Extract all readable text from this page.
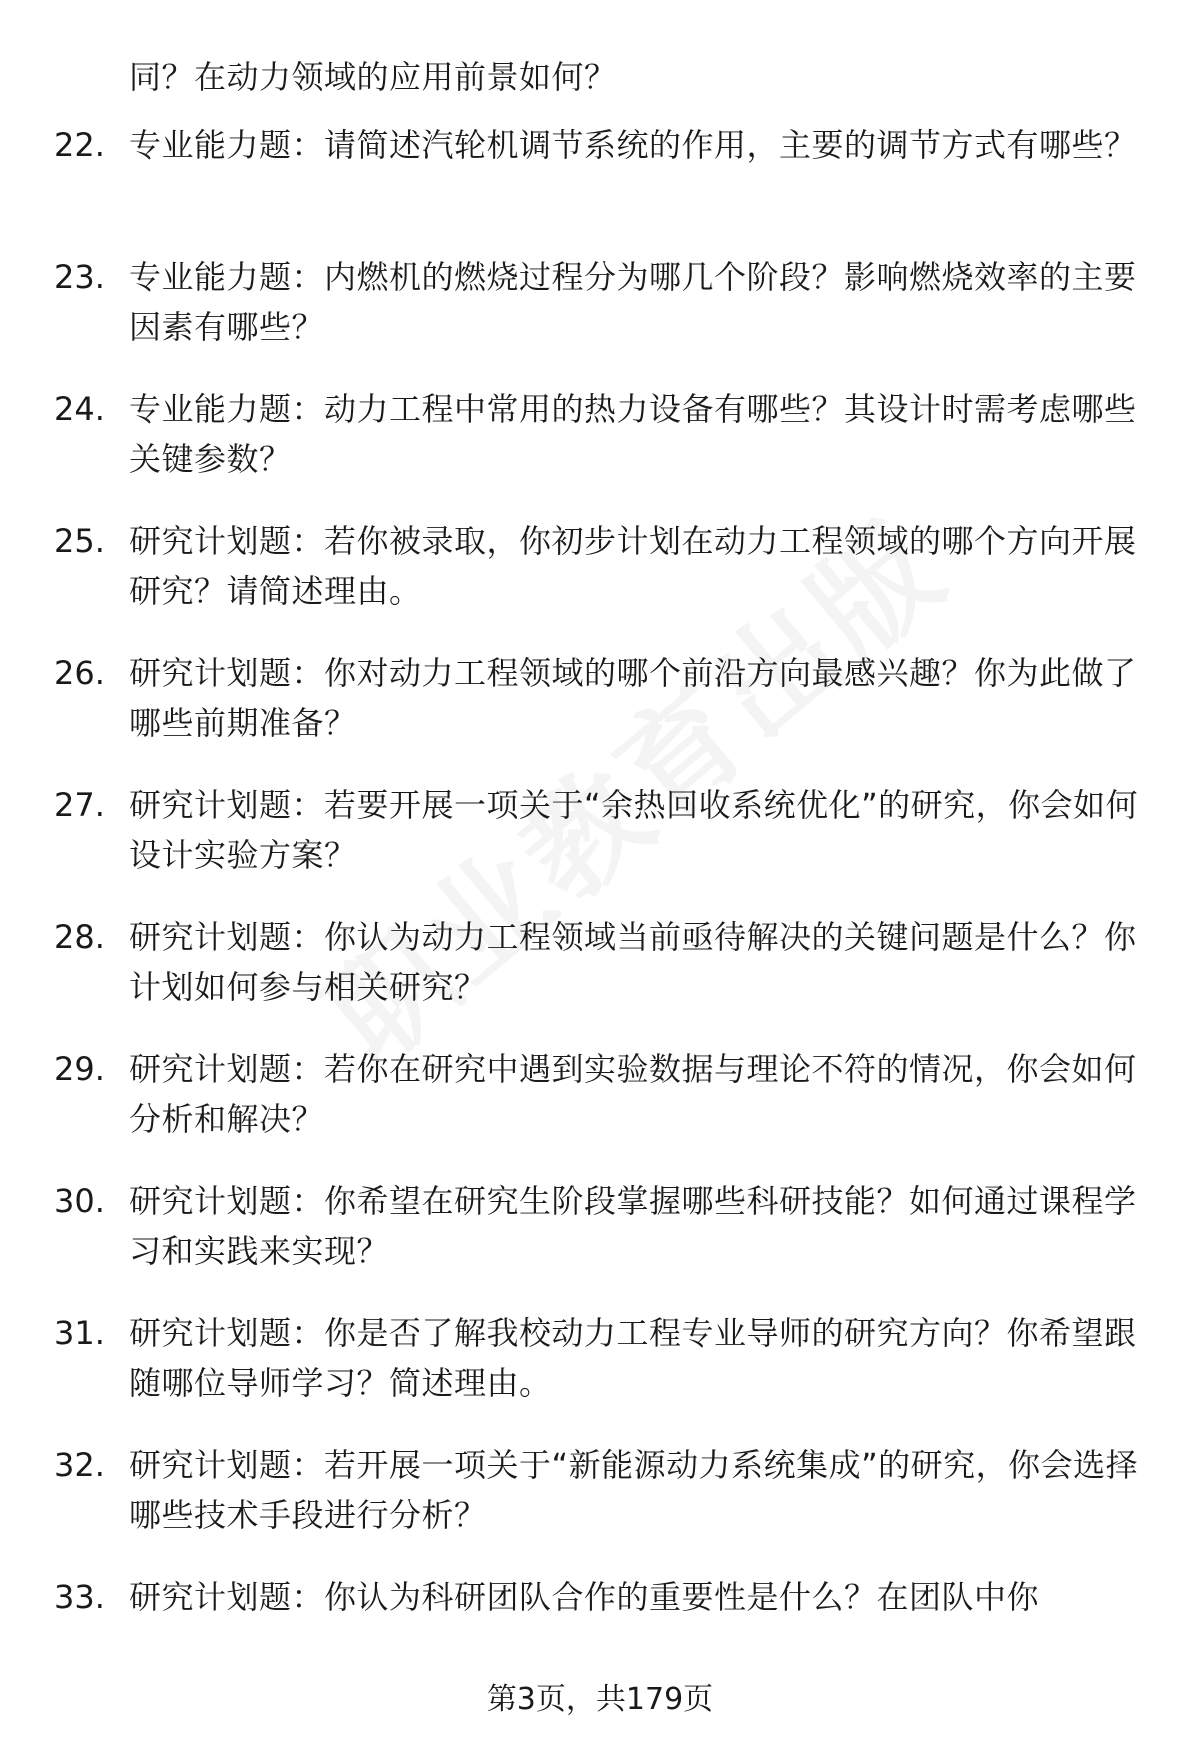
同？在动力领域的应用前景如何？
22. 专业能力题：请简述汽轮机调节系统的作用，主要的调节方式有哪些？
23. 专业能力题：内燃机的燃烧过程分为哪几个阶段？影响燃烧效率的主要因素有哪些？
24. 专业能力题：动力工程中常用的热力设备有哪些？其设计时需考虑哪些关键参数？
25. 研究计划题：若你被录取，你初步计划在动力工程领域的哪个方向开展研究？请简述理由。
26. 研究计划题：你对动力工程领域的哪个前沿方向最感兴趣？你为此做了哪些前期准备？
27. 研究计划题：若要开展一项关于“余热回收系统优化”的研究，你会如何设计实验方案？
28. 研究计划题：你认为动力工程领域当前亟待解决的关键问题是什么？你计划如何参与相关研究？
29. 研究计划题：若你在研究中遇到实验数据与理论不符的情况，你会如何分析和解决？
30. 研究计划题：你希望在研究生阶段掌握哪些科研技能？如何通过课程学习和实践来实现？
31. 研究计划题：你是否了解我校动力工程专业导师的研究方向？你希望跟随哪位导师学习？简述理由。
32. 研究计划题：若开展一项关于“新能源动力系统集成”的研究，你会选择哪些技术手段进行分析？
33. 研究计划题：你认为科研团队合作的重要性是什么？在团队中你
第3页，共179页
